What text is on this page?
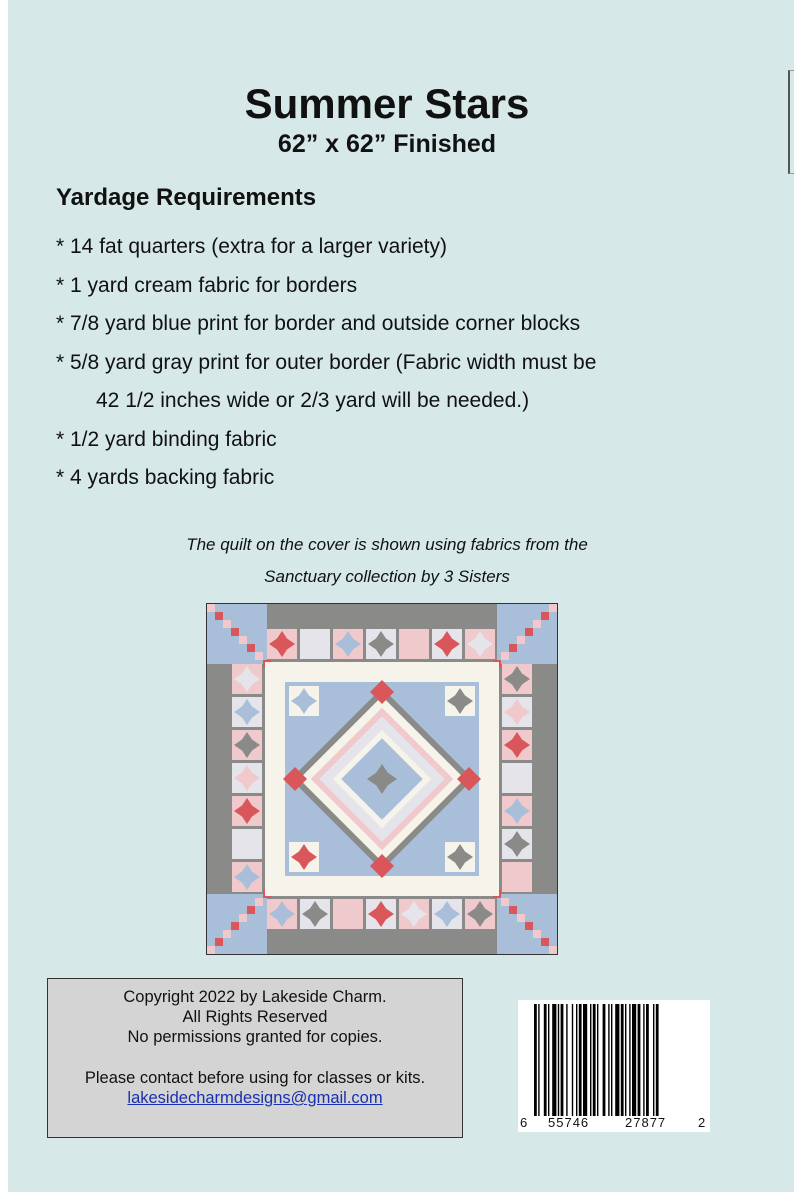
Summer Stars
62” x 62” Finished
Yardage Requirements
* 14 fat quarters (extra for a larger variety)
* 1 yard cream fabric for borders
* 7/8 yard blue print for border and outside corner blocks
* 5/8 yard gray print for outer border (Fabric width must be
42 1/2 inches wide or 2/3 yard will be needed.)
* 1/2 yard binding fabric
* 4 yards backing fabric
The quilt on the cover is shown using fabrics from the
Sanctuary collection by 3 Sisters
Copyright 2022 by Lakeside Charm.
All Rights Reserved
No permissions granted for copies.
Please contact before using for classes or kits.
lakesidecharmdesigns@gmail.com
6 55746	27877 2
